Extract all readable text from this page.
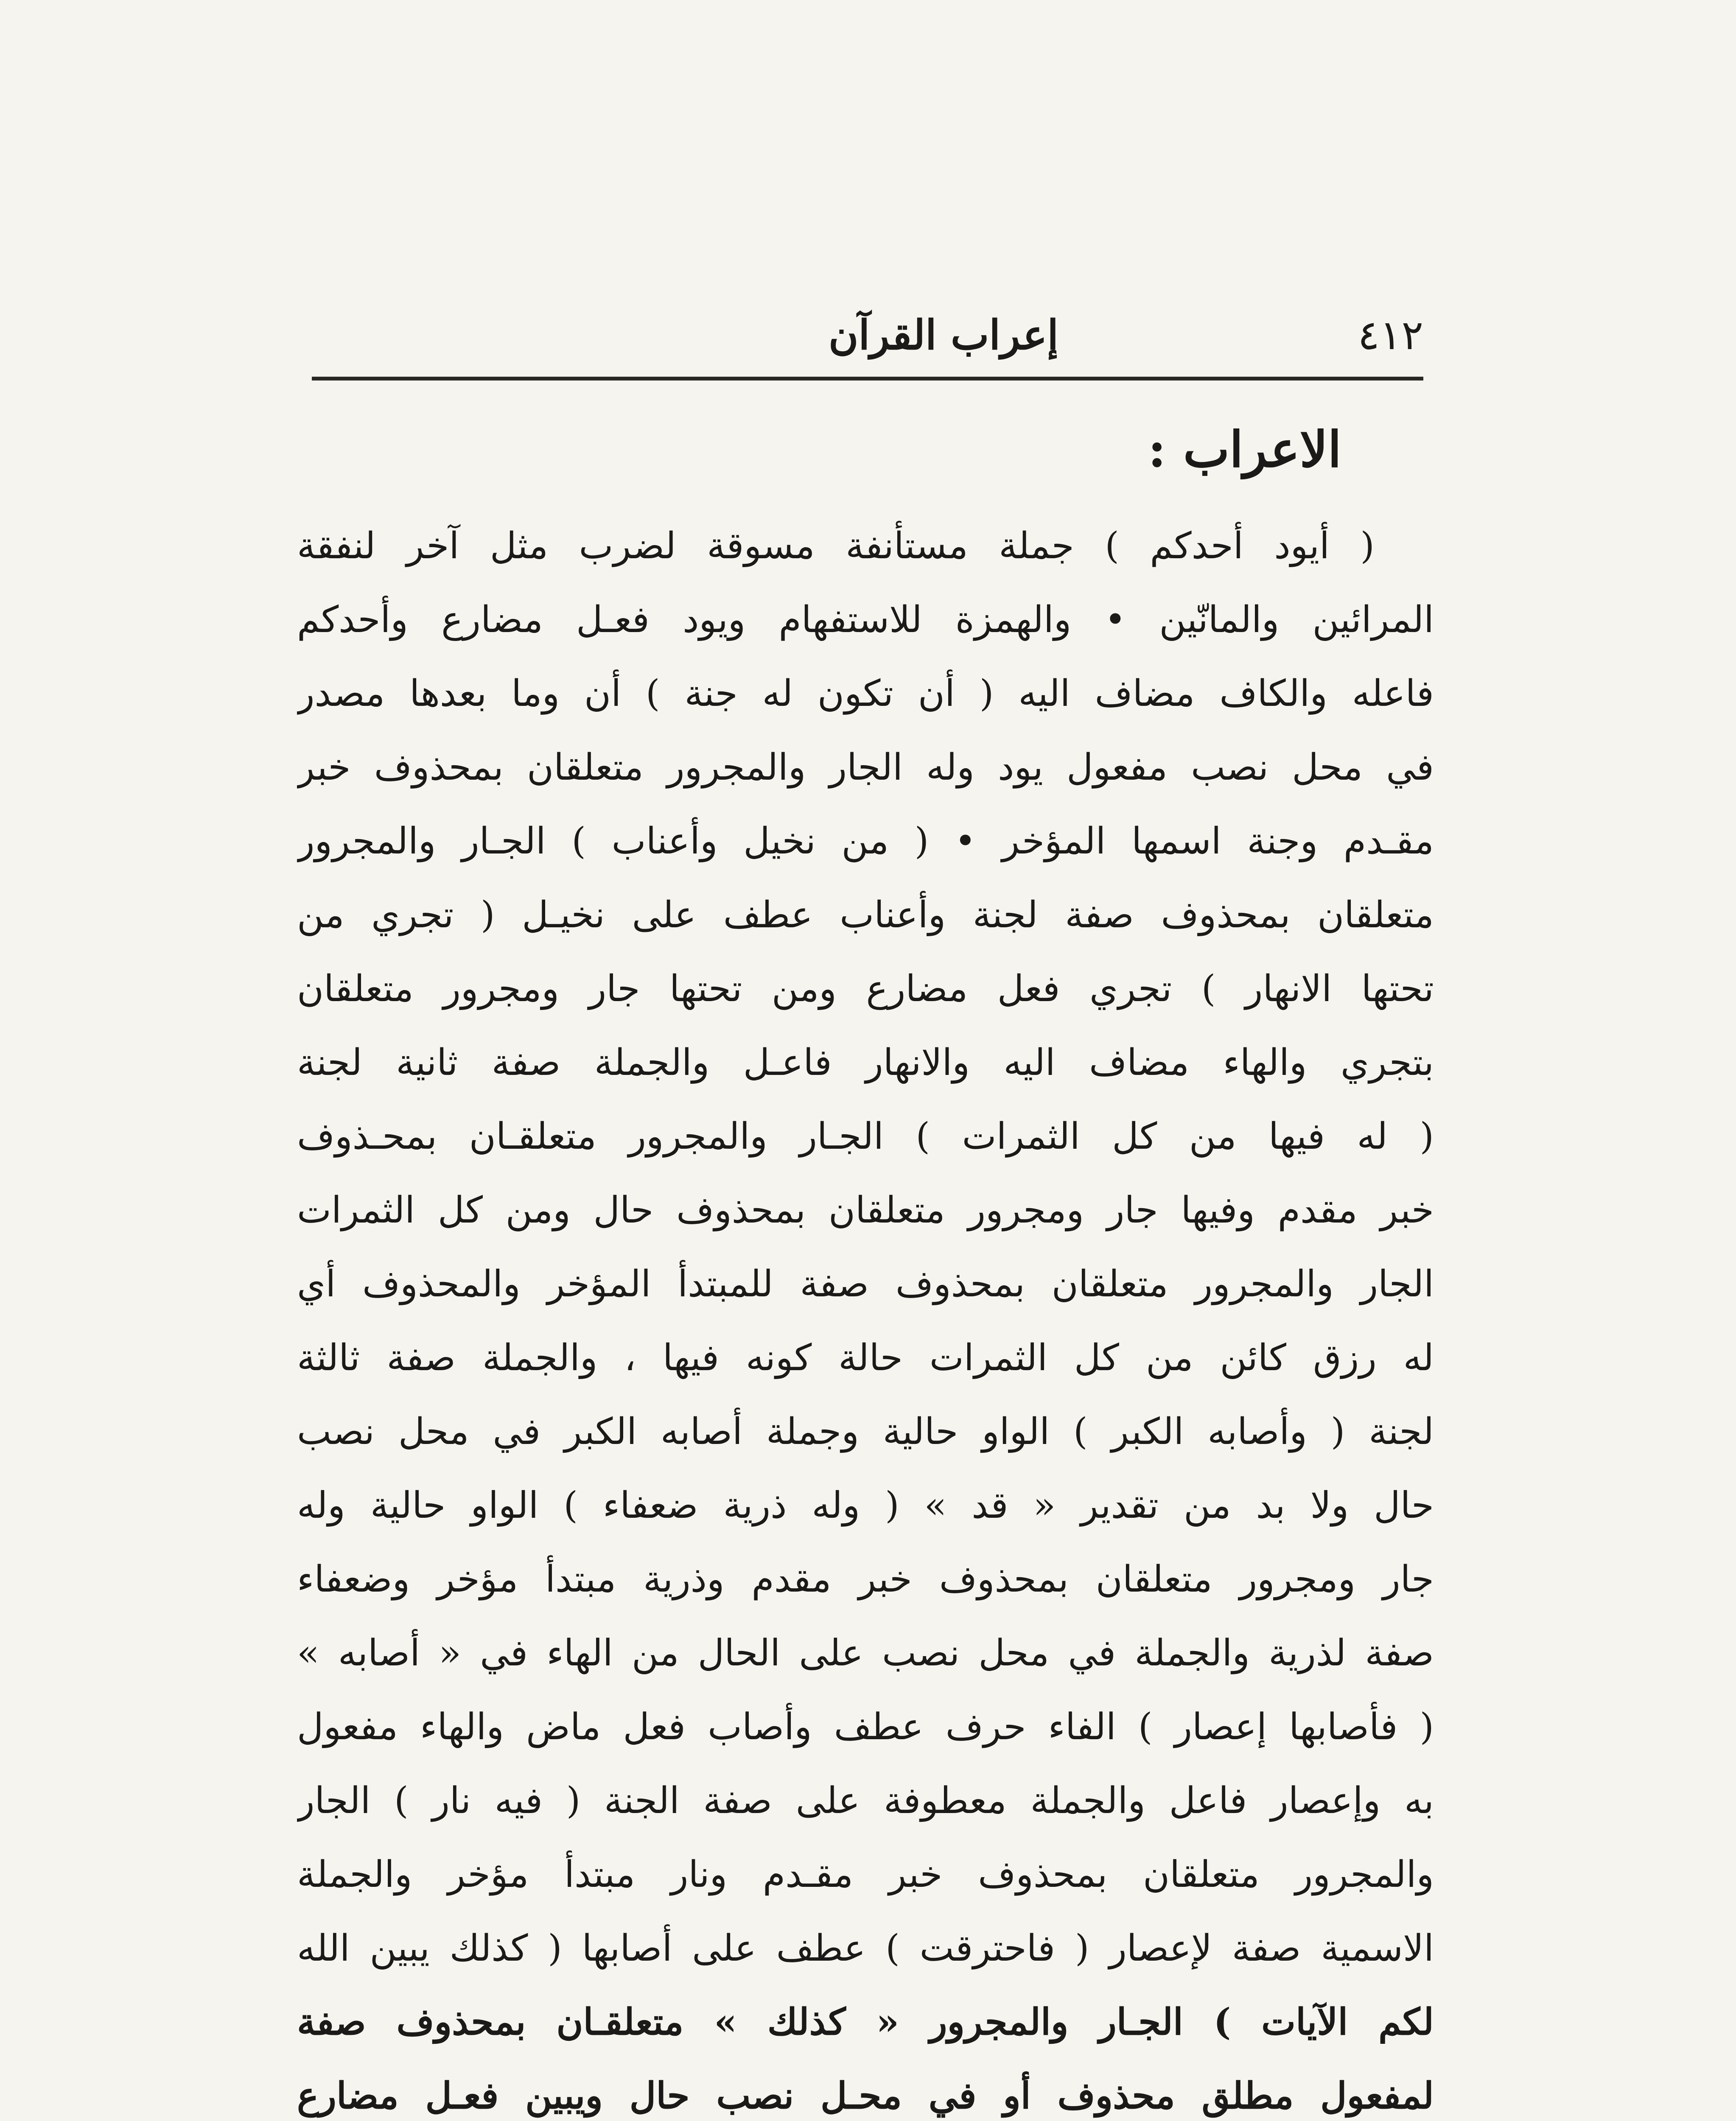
٤١٢
إعراب القرآن
الاعراب :
( أيود أحدكم ) جملة مستأنفة مسوقة لضرب مثل آخر لنفقة
المرائين والمانّين • والهمزة للاستفهام ويود فعـل مضارع وأحدكم
فاعله والكاف مضاف اليه ( أن تكون له جنة ) أن وما بعدها مصدر
في محل نصب مفعول يود وله الجار والمجرور متعلقان بمحذوف خبر
مقـدم وجنة اسمها المؤخر • ( من نخيل وأعناب ) الجـار والمجرور
متعلقان بمحذوف صفة لجنة وأعناب عطف على نخيـل ( تجري من
تحتها الانهار ) تجري فعل مضارع ومن تحتها جار ومجرور متعلقان
بتجري والهاء مضاف اليه والانهار فاعـل والجملة صفة ثانية لجنة
( له فيها من كل الثمرات ) الجـار والمجرور متعلقـان بمحـذوف
خبر مقدم وفيها جار ومجرور متعلقان بمحذوف حال ومن كل الثمرات
الجار والمجرور متعلقان بمحذوف صفة للمبتدأ المؤخر والمحذوف أي
له رزق كائن من كل الثمرات حالة كونه فيها ، والجملة صفة ثالثة
لجنة ( وأصابه الكبر ) الواو حالية وجملة أصابه الكبر في محل نصب
حال ولا بد من تقدير « قد » ( وله ذرية ضعفاء ) الواو حالية وله
جار ومجرور متعلقان بمحذوف خبر مقدم وذرية مبتدأ مؤخر وضعفاء
صفة لذرية والجملة في محل نصب على الحال من الهاء في « أصابه »
( فأصابها إعصار ) الفاء حرف عطف وأصاب فعل ماض والهاء مفعول
به وإعصار فاعل والجملة معطوفة على صفة الجنة ( فيه نار ) الجار
والمجرور متعلقان بمحذوف خبر مقـدم ونار مبتدأ مؤخر والجملة
الاسمية صفة لإعصار ( فاحترقت ) عطف على أصابها ( كذلك يبين الله
لكم الآيات ) الجـار والمجرور « كذلك » متعلقـان بمحذوف صفة
لمفعول مطلق محذوف أو في محـل نصب حال ويبين فعـل مضارع
